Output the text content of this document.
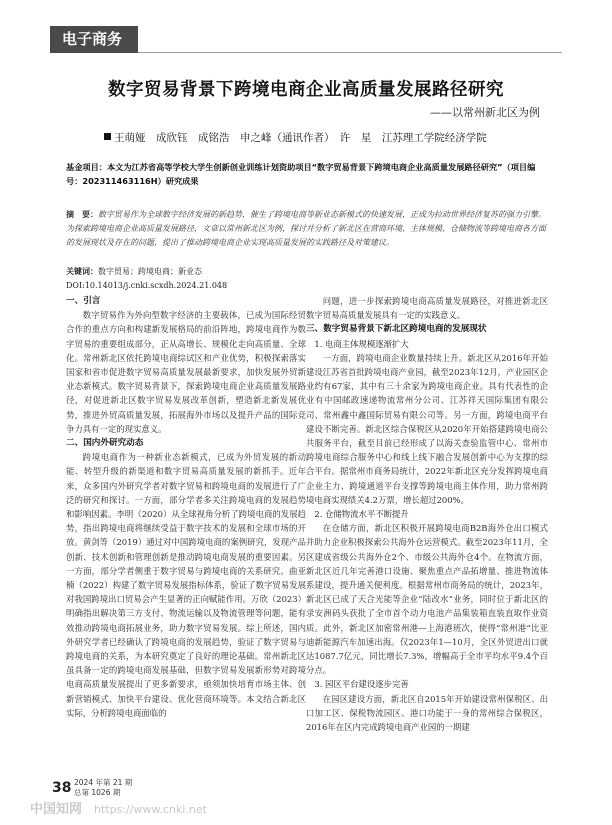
电子商务
数字贸易背景下跨境电商企业高质量发展路径研究
——以常州新北区为例
王萌娅　成欣钰　成铭浩　申之峰（通讯作者）　许　星　江苏理工学院经济学院
基金项目：本文为江苏省高等学校大学生创新创业训练计划资助项目“数字贸易背景下跨境电商企业高质量发展路径研究”（项目编号：202311463116H）研究成果
摘　要：数字贸易作为全球数字经济发展的新趋势，催生了跨境电商等新业态新模式的快速发展，正成为拉动世界经济复苏的强力引擎。为探索跨境电商企业高质量发展路径，文章以常州新北区为例，探讨并分析了新北区在营商环境、主体规模、仓储物流等跨境电商各方面的发展现状及存在的问题，提出了推动跨境电商企业实现高质量发展的实践路径及对策建议。
关键词：数字贸易；跨境电商；新业态
DOI:10.14013/j.cnki.scxdh.2024.21.048
一、引言

数字贸易作为外向型数字经济的主要载体，已成为国际经贸合作的重点方向和构建新发展格局的前沿阵地，跨境电商作为数字贸易的重要组成部分，正从高增长、规模化走向高质量、全球化。常州新北区依托跨境电商综试区和产业优势，积极探索落实国家和省市促进数字贸易高质量发展最新要求，加快发展外贸新业态新模式。数字贸易背景下，探索跨境电商企业高质量发展路径，对促进新北区数字贸易发展改革创新，塑造新北新发展优势，推进外贸高质量发展，拓展海外市场以及提升产品的国际竞争力具有一定的现实意义。

二、国内外研究动态

跨境电商作为一种新业态新模式，已成为外贸发展的新动能、转型升级的新渠道和数字贸易高质量发展的新抓手。近年来，众多国内外研究学者对数字贸易和跨境电商的发展进行了广泛的研究和探讨。一方面，部分学者多关注跨境电商的发展趋势和影响因素。李明（2020）从全球视角分析了跨境电商的发展趋势，指出跨境电商将继续受益于数字技术的发展和全球市场的开放。黄剑等（2019）通过对中国跨境电商的案例研究，发现产品创新、技术创新和管理创新是推动跨境电商发展的重要因素。另一方面，部分学者侧重于数字贸易与跨境电商的关系研究。曲亚楠（2022）构建了数字贸易发展指标体系，验证了数字贸易发展对我国跨境出口贸易会产生显著的正向赋能作用。万欣（2023）明确指出解决第三方支付、物流运输以及物流管理等问题，能有效推动跨境电商拓展业务，助力数字贸易发展。综上所述，国内外研究学者已经确认了跨境电商的发展趋势，验证了数字贸易与跨境电商的关系，为本研究奠定了良好的理论基础。常州新北区虽具备一定的跨境电商发展基础，但数字贸易发展新形势对跨境电商高质量发展提出了更多新要求，亟须加快培育市场主体、创新营销模式、加快平台建设、优化营商环境等。本文结合新北区实际，分析跨境电商面临的

问题，进一步探索跨境电商高质量发展路径，对推进新北区数字贸易高质量发展具有一定的实践意义。

三、数字贸易背景下新北区跨境电商的发展现状
1. 电商主体规模逐渐扩大

一方面，跨境电商企业数量持续上升。新北区从2016年开始建设江苏省首批跨境电商产业园，截至2023年12月，产业园区企业约有67家，其中有三十余家为跨境电商企业。具有代表性的企业有中国邮政速递物流常州分公司、江苏祥天国际集团有限公司、常州鑫中鑫国际贸易有限公司等。另一方面，跨境电商平台建设不断完善。新北区综合保税区从2020年开始搭建跨境电商公共服务平台，截至目前已经形成了以海关查验监管中心、常州市跨境电商综合服务中心和线上线下融合发展创新中心为支撑的综合平台。据常州市商务局统计，2022年新北区充分发挥跨境电商企业主力、跨境通道平台支撑等跨境电商主体作用，助力常州跨境电商实现绩关4.2万票，增长超过200%。

2. 仓储物流水平不断提升

在仓储方面，新北区积极开展跨境电商B2B海外仓出口模式并助力企业积极探索公共海外仓运营模式。截至2023年11月，全区建成省级公共海外仓2个、市级公共海外仓4个。在物流方面，新北区近几年完善港口设施、聚焦重点产品拓增量、推进物流体系建设，提升通关便利度。根据常州市商务局的统计，2023年，新北区已成了天合光能等企业“陆改水”业务，同时位于新北区的录安洲码头获批了全市首个动力电池产品集装箱直装直取作业资质。此外，新北区加密常州港—上海港班次，使得“常州港”比亚迪新能源汽车加速出海。仅2023年1—10月，全区外贸进出口就达1087.7亿元，同比增长7.3%，增幅高于全市平均水平9.4个百分点。

3. 园区平台建设逐步完善

在园区建设方面，新北区自2015年开始建设常州保税区、出口加工区、保税物流园区、港口功能于一身的常州综合保税区，2016年在区内完成跨境电商产业园的一期建

38 2024 年第 21 期
总第 1026 期
中国知网 https://www.cnki.net
